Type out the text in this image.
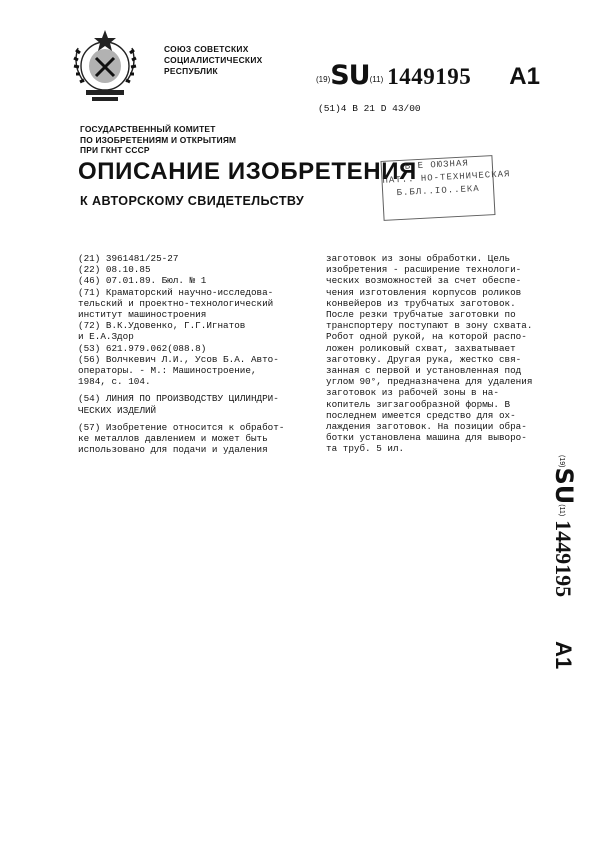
СОЮЗ СОВЕТСКИХ
СОЦИАЛИСТИЧЕСКИХ
РЕСПУБЛИК
(19)SU(11) 1449195 A1
(51)4 В 21 D 43/00
ГОСУДАРСТВЕННЫЙ КОМИТЕТ
ПО ИЗОБРЕТЕНИЯМ И ОТКРЫТИЯМ
ПРИ ГКНТ СССР
ОПИСАНИЕ ИЗОБРЕТЕНИЯ
К АВТОРСКОМУ СВИДЕТЕЛЬСТВУ
В Е ОЮЗНАЯ
ПАТ.. НО-ТЕХНИЧЕСКАЯ
Б.БЛ..IO..ЕКА
(21) 3961481/25-27
(22) 08.10.85
(46) 07.01.89. Бюл. № 1
(71) Краматорский научно-исследова-
тельский и проектно-технологический
институт машиностроения
(72) В.К.Удовенко, Г.Г.Игнатов
и Е.А.Здор
(53) 621.979.062(088.8)
(56) Волчкевич Л.И., Усов Б.А. Авто-
операторы. - М.: Машиностроение,
1984, с. 104.
(54) ЛИНИЯ ПО ПРОИЗВОДСТВУ ЦИЛИНДРИ-
ЧЕСКИХ ИЗДЕЛИЙ
(57) Изобретение относится к обработ-
ке металлов давлением и может быть
использовано для подачи и удаления
заготовок из зоны обработки. Цель
изобретения - расширение технологи-
ческих возможностей за счет обеспе-
чения изготовления корпусов роликов
конвейеров из трубчатых заготовок.
После резки трубчатые заготовки по
транспортеру поступают в зону схвата.
Робот одной рукой, на которой распо-
ложен роликовый схват, захватывает
заготовку. Другая рука, жестко свя-
занная с первой и установленная под
углом 90°, предназначена для удаления
заготовок из рабочей зоны в на-
копитель зигзагообразной формы. В
последнем имеется средство для ох-
лаждения заготовок. На позиции обра-
ботки установлена машина для выворо-
та труб. 5 ил.
$^{(19)}$SU$^{(11)}$1449195A1
